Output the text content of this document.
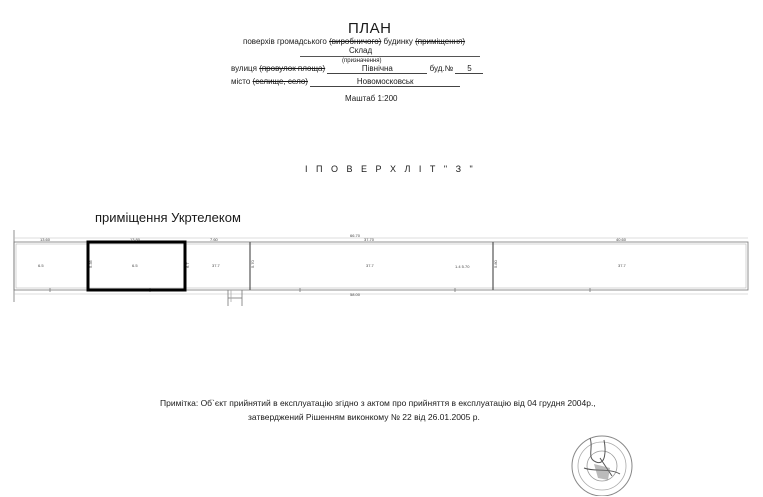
ПЛАН
поверхів громадського (виробничого) будинку (приміщення)
Склад
(призначення)
вулиця (провулок площа)	Північна	буд.№ 5
місто (селище, село)	Новомосковськ
Маштаб 1:200
І П О В Е Р Х Л І Т " З "
приміщення Укртелеком
13.60	13.80	7.60
66.70
37.70	40.60
58.00
6.5	6.5	37.7	37.7	37.7
5.35	6.7	5.70	5.80
1.4 5.70
Примітка: Об`єкт прийнятий в експлуатацію згідно з актом про прийняття в експлуатацію від 04 грудня 2004р.,
затверджений Рішенням виконкому № 22 від 26.01.2005 р.
